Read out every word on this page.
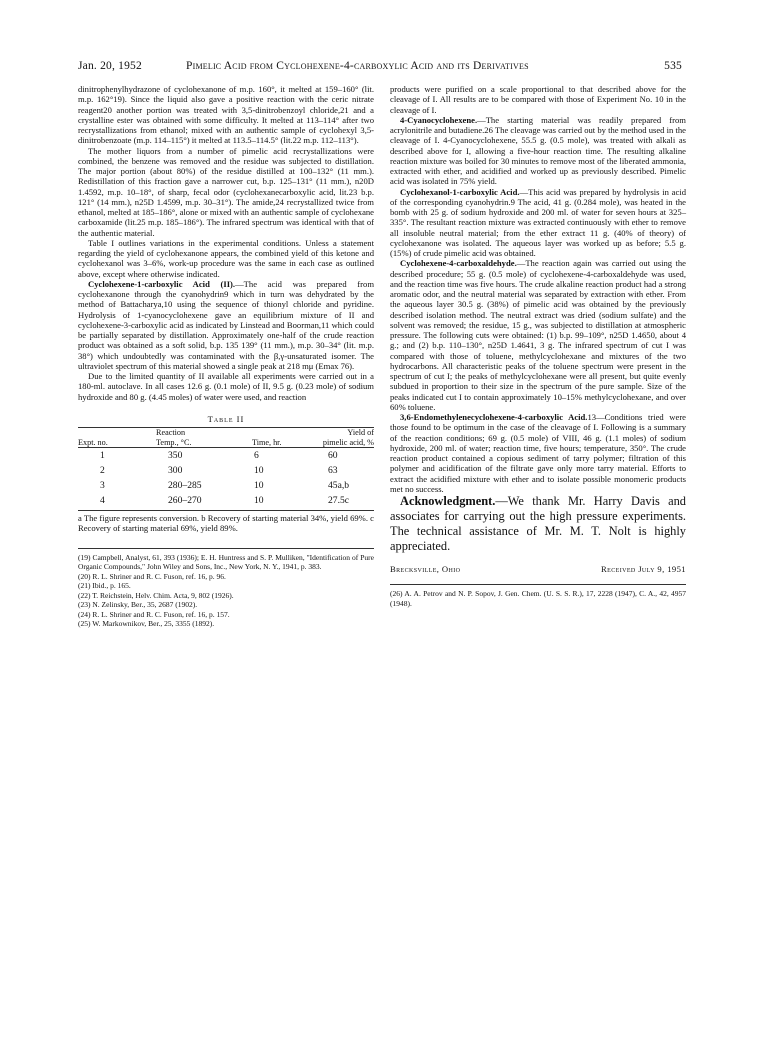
Jan. 20, 1952	Pimelic Acid from Cyclohexene-4-carboxylic Acid and its Derivatives	535

dinitrophenylhydrazone of cyclohexanone of m.p. 160°, it melted at 159–160° (lit. m.p. 162°19). Since the liquid also gave a positive reaction with the ceric nitrate reagent20 another portion was treated with 3,5-dinitrobenzoyl chloride,21 and a crystalline ester was obtained with some difficulty. It melted at 113–114° after two recrystallizations from ethanol; mixed with an authentic sample of cyclohexyl 3,5-dinitrobenzoate (m.p. 114–115°) it melted at 113.5–114.5° (lit.22 m.p. 112–113°).

The mother liquors from a number of pimelic acid recrystallizations were combined, the benzene was removed and the residue was subjected to distillation. The major portion (about 80%) of the residue distilled at 100–132° (11 mm.). Redistillation of this fraction gave a narrower cut, b.p. 125–131° (11 mm.), n20D 1.4592, m.p. 10–18°, of sharp, fecal odor (cyclohexanecarboxylic acid, lit.23 b.p. 121° (14 mm.), n25D 1.4599, m.p. 30–31°). The amide,24 recrystallized twice from ethanol, melted at 185–186°, alone or mixed with an authentic sample of cyclohexane carboxamide (lit.25 m.p. 185–186°). The infrared spectrum was identical with that of the authentic material.

Table I outlines variations in the experimental conditions. Unless a statement regarding the yield of cyclohexanone appears, the combined yield of this ketone and cyclohexanol was 3–6%, work-up procedure was the same in each case as outlined above, except where otherwise indicated.

Cyclohexene-1-carboxylic Acid (II).—The acid was prepared from cyclohexanone through the cyanohydrin9 which in turn was dehydrated by the method of Battacharya,10 using the sequence of thionyl chloride and pyridine. Hydrolysis of 1-cyanocyclohexene gave an equilibrium mixture of II and cyclohexene-3-carboxylic acid as indicated by Linstead and Boorman,11 which could be partially separated by distillation. Approximately one-half of the crude reaction product was obtained as a soft solid, b.p. 135 139° (11 mm.), m.p. 30–34° (lit. m.p. 38°) which undoubtedly was contaminated with the β,γ-unsaturated isomer. The ultraviolet spectrum of this material showed a single peak at 218 mμ (Emax 76).

Due to the limited quantity of II available all experiments were carried out in a 180-ml. autoclave. In all cases 12.6 g. (0.1 mole) of II, 9.5 g. (0.23 mole) of sodium hydroxide and 80 g. (4.45 moles) of water were used, and reaction

Table II

	Reaction		Yield of
Expt. no.	Temp., °C.	Time, hr.	pimelic acid, %
1	350	6	60
2	300	10	63
3	280–285	10	45a,b
4	260–270	10	27.5c
a The figure represents conversion. b Recovery of starting material 34%, yield 69%. c Recovery of starting material 69%, yield 89%.
(19) Campbell, Analyst, 61, 393 (1936); E. H. Huntress and S. P. Mulliken, "Identification of Pure Organic Compounds," John Wiley and Sons, Inc., New York, N. Y., 1941, p. 383.
(20) R. L. Shriner and R. C. Fuson, ref. 16, p. 96.
(21) Ibid., p. 165.
(22) T. Reichstein, Helv. Chim. Acta, 9, 802 (1926).
(23) N. Zelinsky, Ber., 35, 2687 (1902).
(24) R. L. Shriner and R. C. Fuson, ref. 16, p. 157.
(25) W. Markownikov, Ber., 25, 3355 (1892).

products were purified on a scale proportional to that described above for the cleavage of I. All results are to be compared with those of Experiment No. 10 in the cleavage of I.

4-Cyanocyclohexene.—The starting material was readily prepared from acrylonitrile and butadiene.26 The cleavage was carried out by the method used in the cleavage of I. 4-Cyanocyclohexene, 55.5 g. (0.5 mole), was treated with alkali as described above for I, allowing a five-hour reaction time. The resulting alkaline reaction mixture was boiled for 30 minutes to remove most of the liberated ammonia, extracted with ether, and acidified and worked up as previously described. Pimelic acid was isolated in 75% yield.

Cyclohexanol-1-carboxylic Acid.—This acid was prepared by hydrolysis in acid of the corresponding cyanohydrin.9 The acid, 41 g. (0.284 mole), was heated in the bomb with 25 g. of sodium hydroxide and 200 ml. of water for seven hours at 325–335°. The resultant reaction mixture was extracted continuously with ether to remove all insoluble neutral material; from the ether extract 11 g. (40% of theory) of cyclohexanone was isolated. The aqueous layer was worked up as before; 5.5 g. (15%) of crude pimelic acid was obtained.

Cyclohexene-4-carboxaldehyde.—The reaction again was carried out using the described procedure; 55 g. (0.5 mole) of cyclohexene-4-carboxaldehyde was used, and the reaction time was five hours. The crude alkaline reaction product had a strong aromatic odor, and the neutral material was separated by extraction with ether. From the aqueous layer 30.5 g. (38%) of pimelic acid was obtained by the previously described isolation method. The neutral extract was dried (sodium sulfate) and the solvent was removed; the residue, 15 g., was subjected to distillation at atmospheric pressure. The following cuts were obtained: (1) b.p. 99–109°, n25D 1.4650, about 4 g.; and (2) b.p. 110–130°, n25D 1.4641, 3 g. The infrared spectrum of cut I was compared with those of toluene, methylcyclohexane and mixtures of the two hydrocarbons. All characteristic peaks of the toluene spectrum were present in the spectrum of cut I; the peaks of methylcyclohexane were all present, but quite evenly subdued in proportion to their size in the spectrum of the pure sample. Size of the peaks indicated cut I to contain approximately 10–15% methylcyclohexane, and over 60% toluene.

3,6-Endomethylenecyclohexene-4-carboxylic Acid.13—Conditions tried were those found to be optimum in the case of the cleavage of I. Following is a summary of the reaction conditions; 69 g. (0.5 mole) of VIII, 46 g. (1.1 moles) of sodium hydroxide, 200 ml. of water; reaction time, five hours; temperature, 350°. The crude reaction product contained a copious sediment of tarry polymer; filtration of this polymer and acidification of the filtrate gave only more tarry material. Efforts to extract the acidified mixture with ether and to isolate possible monomeric products met no success.

Acknowledgment.—We thank Mr. Harry Davis and associates for carrying out the high pressure experiments. The technical assistance of Mr. M. T. Nolt is highly appreciated.

Brecksville, Ohio	Received July 9, 1951
(26) A. A. Petrov and N. P. Sopov, J. Gen. Chem. (U. S. S. R.), 17, 2228 (1947), C. A., 42, 4957 (1948).
